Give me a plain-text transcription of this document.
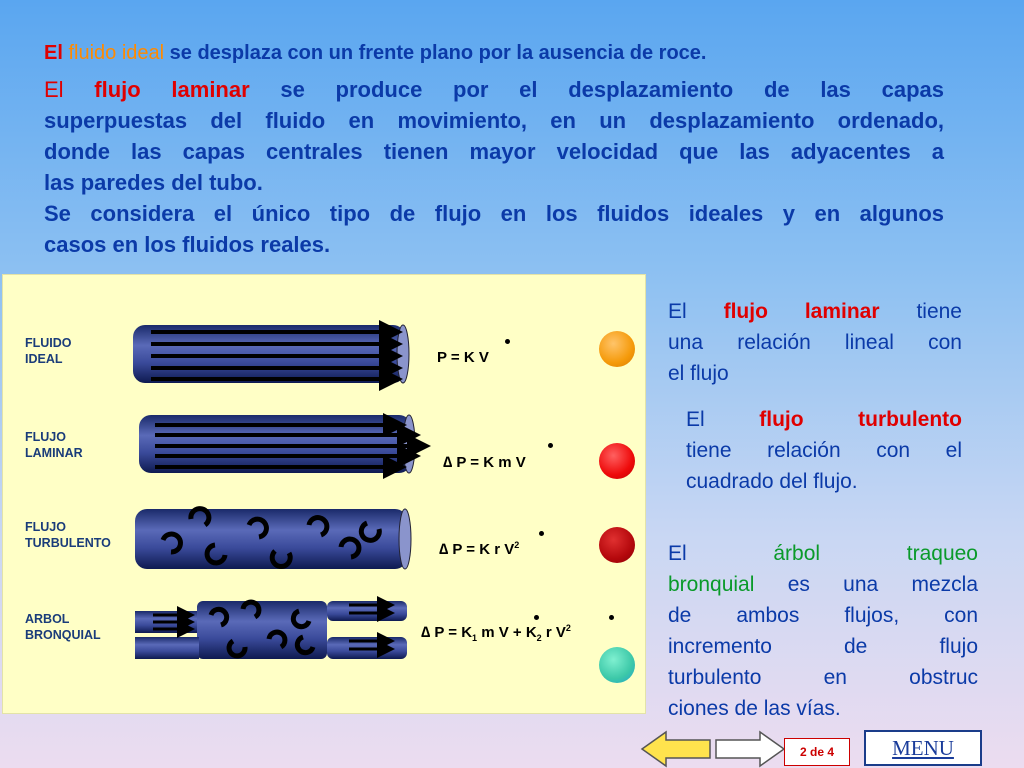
El fluido ideal se desplaza con un frente plano por la ausencia de roce.
El flujo laminar se produce por el desplazamiento de las capas
superpuestas del fluido en movimiento, en un desplazamiento ordenado,
donde las capas centrales tienen mayor velocidad que las adyacentes a
las paredes del tubo.
Se considera el único tipo de flujo en los fluidos ideales y en algunos
casos en los fluidos reales.
FLUIDO
IDEAL
FLUJO
LAMINAR
FLUJO
TURBULENTO
ARBOL
BRONQUIAL
P = K V
∆ P = K m V
∆ P = K r $V^2$
∆ $P = K_1$ m $V + K_2$ r $V^2$
El flujo laminar tiene
una relación lineal con
el flujo
El	flujo	turbulento
tiene relación con el
cuadrado del flujo.
El	árbol	traqueo
bronquial es una mezcla
de ambos flujos, con
incremento de flujo
turbulento en obstruc
ciones de las vías.
2 de 4	MENU
